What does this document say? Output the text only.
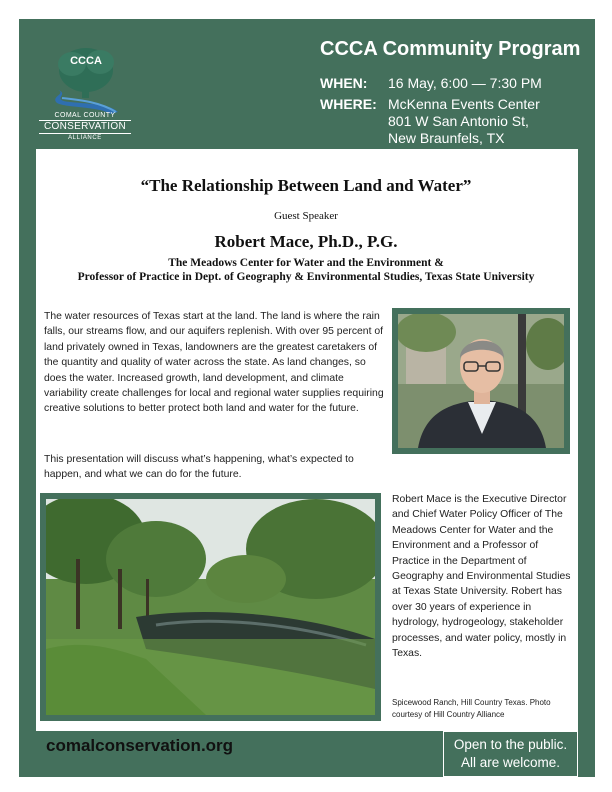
CCCA
COMAL COUNTY
CONSERVATION
ALLIANCE
CCCA Community Program
WHEN:	16 May, 6:00 — 7:30 PM
WHERE: McKenna Events Center
801 W San Antonio St,
New Braunfels, TX
“The Relationship Between Land and Water”
Guest Speaker
Robert Mace, Ph.D., P.G.
The Meadows Center for Water and the Environment &
Professor of Practice in Dept. of Geography & Environmental Studies, Texas State University
The water resources of Texas start at the land. The land is where the rain falls, our streams flow, and our aquifers replenish. With over 95 percent of land privately owned in Texas, landowners are the greatest caretakers of the quantity and quality of water across the state. As land changes, so does the water. Increased growth, land development, and climate variability create challenges for local and regional water supplies requiring creative solutions to better protect both land and water for the future.
This presentation will discuss what’s happening, what’s expected to happen, and what we can do for the future.
Robert Mace is the Executive Director and Chief Water Policy Officer of The Meadows Center for Water and the Environment and a Professor of Practice in the Department of Geography and Environmental Studies at Texas State University. Robert has over 30 years of experience in hydrology, hydrogeology, stakeholder processes, and water policy, mostly in Texas.
Spicewood Ranch, Hill Country Texas. Photo courtesy of Hill Country Alliance
comalconservation.org	Open to the public.
All are welcome.
